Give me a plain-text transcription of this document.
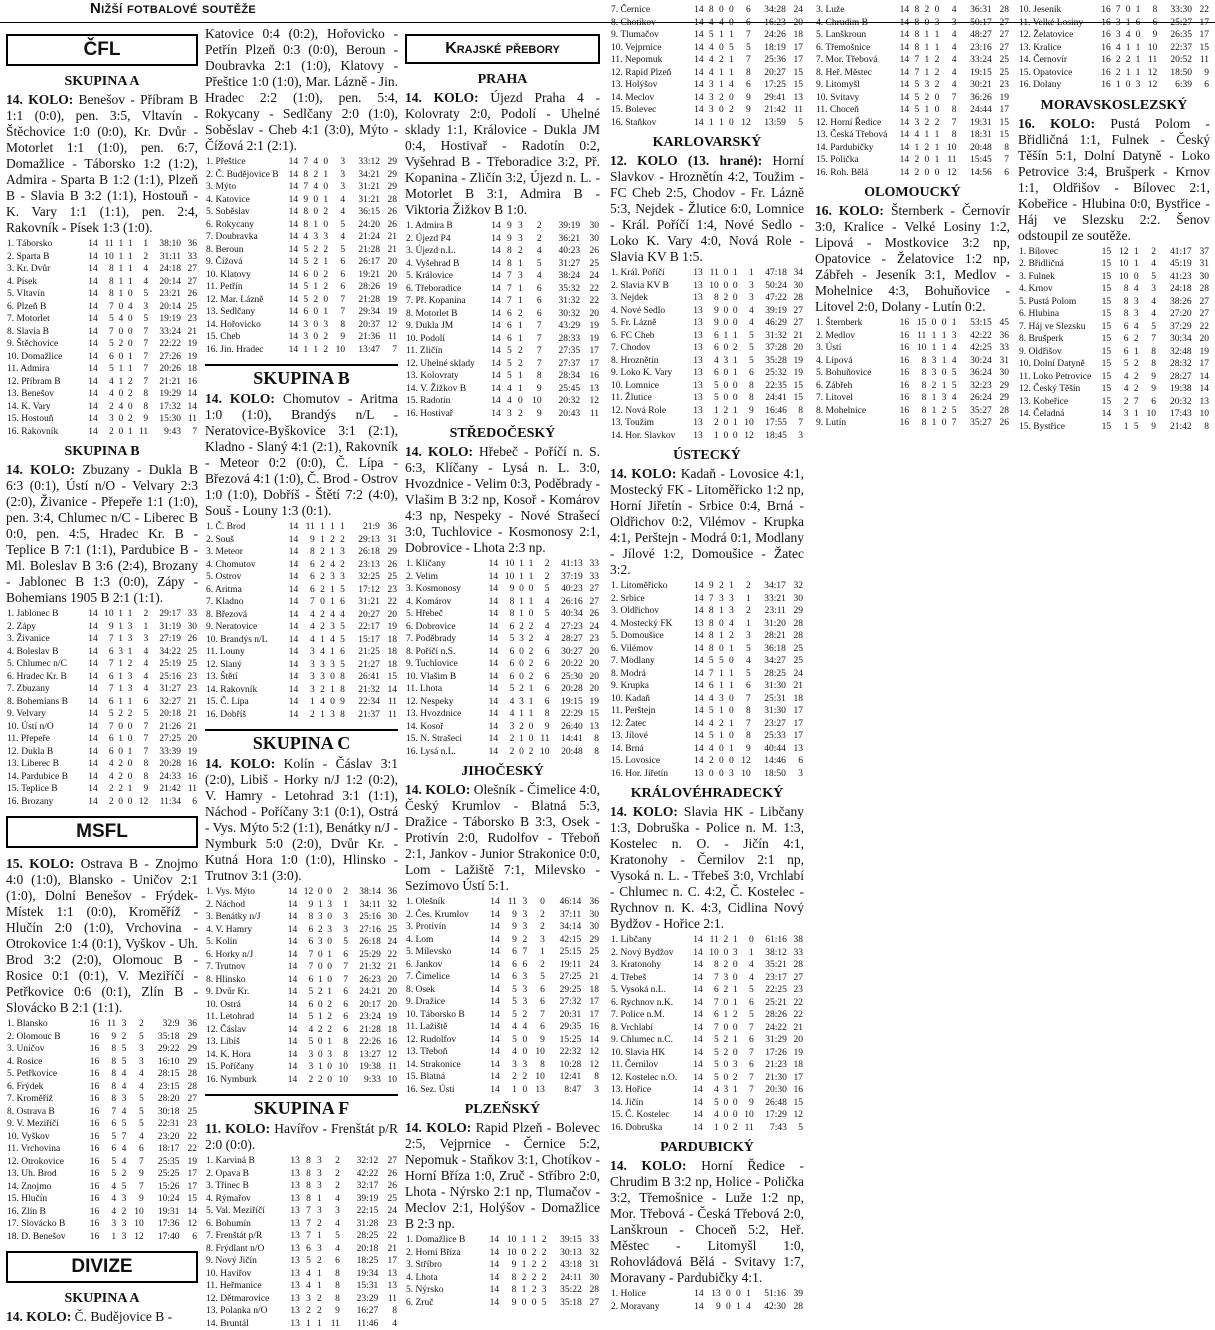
Nižší fotbalové soutěže
ČFL
SKUPINA A

14. KOLO: Benešov - Příbram B 1:1 (0:0), pen. 3:5, Vltavín - Štěchovice 1:0 (0:0), Kr. Dvůr - Motorlet 1:1 (1:0), pen. 6:7, Domažlice - Táborsko 1:2 (1:2), Admira - Sparta B 1:2 (1:1), Plzeň B - Slavia B 3:2 (1:1), Hostouň - K. Vary 1:1 (1:1), pen. 2:4, Rakovník - Písek 1:3 (1:0).

1. Táborsko	14	11	1	1	1	38:10	36
2. Sparta B	14	10	1	1	2	31:11	33
3. Kr. Dvůr	14	8	1	1	4	24:18	27
4. Písek	14	8	1	1	4	20:14	27
5. Vltavín	14	8	1	0	5	23:21	26
6. Plzeň B	14	7	0	4	3	20:14	25
7. Motorlet	14	5	4	0	5	19:19	23
8. Slavia B	14	7	0	0	7	33:24	21
9. Štěchovice	14	5	2	0	7	22:22	19
10. Domažlice	14	6	0	1	7	27:26	19
11. Admira	14	5	1	1	7	20:26	18
12. Příbram B	14	4	1	2	7	21:21	16
13. Benešov	14	4	0	2	8	19:29	14
14. K. Vary	14	2	4	0	8	17:32	14
15. Hostouň	14	3	0	2	9	15:30	11
16. Rakovník	14	2	0	1	11	9:43	7
SKUPINA B

14. KOLO: Zbuzany - Dukla B 6:3 (0:1), Ústí n/O - Velvary 2:3 (2:0), Živanice - Přepeře 1:1 (1:0), pen. 3:4, Chlumec n/C - Liberec B 0:0, pen. 4:5, Hradec Kr. B - Teplice B 7:1 (1:1), Pardubice B - Ml. Boleslav B 3:6 (2:4), Brozany - Jablonec B 1:3 (0:0), Zápy - Bohemians 1905 B 2:1 (1:1).

1. Jablonec B	14	10	1	1	2	29:17	33
2. Zápy	14	9	1	3	1	31:19	30
3. Živanice	14	7	1	3	3	27:19	26
4. Boleslav B	14	6	3	1	4	34:22	25
5. Chlumec n/C	14	7	1	2	4	25:19	25
6. Hradec Kr. B	14	6	1	3	4	25:16	23
7. Zbuzany	14	7	1	3	4	31:27	23
8. Bohemians B	14	6	1	1	6	32:27	21
9. Velvary	14	5	2	2	5	20:18	21
10. Ústí n/O	14	7	0	0	7	21:26	21
11. Přepeře	14	6	1	0	7	27:25	20
12. Dukla B	14	6	0	1	7	33:39	19
13. Liberec B	14	4	2	0	8	20:28	16
14. Pardubice B	14	4	2	0	8	24:33	16
15. Teplice B	14	2	2	1	9	21:42	11
16. Brozany	14	2	0	0	12	11:34	6
MSFL

15. KOLO: Ostrava B - Znojmo 4:0 (1:0), Blansko - Uničov 2:1 (1:0), Dolní Benešov - Frýdek-Místek 1:1 (0:0), Kroměříž - Hlučín 2:0 (1:0), Vrchovina - Otrokovice 1:4 (0:1), Vyškov - Uh. Brod 3:2 (2:0), Olomouc B - Rosice 0:1 (0:1), V. Meziříčí - Petřkovice 0:6 (0:1), Zlín B - Slovácko B 2:1 (1:1).

1. Blansko	16	11	3	2	32:9	36
2. Olomouc B	16	9	2	5	35:18	29
3. Uničov	16	8	5	3	29:22	29
4. Rosice	16	8	5	3	16:10	29
5. Petřkovice	16	8	4	4	28:15	28
6. Frýdek	16	8	4	4	23:15	28
7. Kroměříž	16	8	3	5	28:20	27
8. Ostrava B	16	7	4	5	30:18	25
9. V. Meziříčí	16	6	5	5	22:31	23
10. Vyškov	16	5	7	4	23:20	22
11. Vrchovina	16	6	4	6	18:17	22
12. Otrokovice	16	5	4	7	25:35	19
13. Uh. Brod	16	5	2	9	25:25	17
14. Znojmo	16	4	5	7	15:26	17
15. Hlučín	16	4	3	9	10:24	15
16. Zlín B	16	4	2	10	19:31	14
17. Slovácko B	16	3	3	10	17:36	12
18. D. Benešov	16	1	3	12	17:40	6
DIVIZE
SKUPINA A

14. KOLO: Č. Budějovice B -

Katovice 0:4 (0:2), Hořovicko - Petřín Plzeň 0:3 (0:0), Beroun - Doubravka 2:1 (1:0), Klatovy - Přeštice 1:0 (1:0), Mar. Lázně - Jin. Hradec 2:2 (1:0), pen. 5:4, Rokycany - Sedlčany 2:0 (1:0), Soběslav - Cheb 4:1 (3:0), Mýto - Čížová 2:1 (2:1).

1. Přeštice	14	7	4	0	3	33:12	29
2. Č. Budějovice B	14	8	2	1	3	34:21	29
3. Mýto	14	7	4	0	3	31:21	29
4. Katovice	14	9	0	1	4	31:21	28
5. Soběslav	14	8	0	2	4	36:15	26
6. Rokycany	14	8	1	0	5	24:20	26
7. Doubravka	14	4	3	3	4	21:24	21
8. Beroun	14	5	2	2	5	21:28	21
9. Čížová	14	5	2	1	6	26:17	20
10. Klatovy	14	6	0	2	6	19:21	20
11. Petřín	14	5	1	2	6	28:26	19
12. Mar. Lázně	14	5	2	0	7	21:28	19
13. Sedlčany	14	6	0	1	7	29:34	19
14. Hořovicko	14	3	0	3	8	20:37	12
15. Cheb	14	3	0	2	9	21:36	11
16. Jin. Hradec	14	1	1	2	10	13:47	7
SKUPINA B

14. KOLO: Chomutov - Aritma 1:0 (1:0), Brandýs n/L - Neratovice-Byškovice 3:1 (2:1), Kladno - Slaný 4:1 (2:1), Rakovník - Meteor 0:2 (0:0), Č. Lípa - Březová 4:1 (1:0), Č. Brod - Ostrov 1:0 (1:0), Dobříš - Štětí 7:2 (4:0), Souš - Louny 1:3 (0:1).

1. Č. Brod	14	11	1	1	1	21:9	36
2. Souš	14	9	1	2	2	29:13	31
3. Meteor	14	8	2	1	3	26:18	29
4. Chomutov	14	6	2	4	2	23:13	26
5. Ostrov	14	6	2	3	3	32:25	25
6. Aritma	14	6	2	1	5	17:12	23
7. Kladno	14	7	0	1	6	31:21	22
8. Březová	14	4	2	4	4	20:27	20
9. Neratovice	14	4	2	3	5	22:17	19
10. Brandýs n/L	14	4	1	4	5	15:17	18
11. Louny	14	3	4	1	6	21:25	18
12. Slaný	14	3	3	3	5	21:27	18
13. Štětí	14	3	3	0	8	26:41	15
14. Rakovník	14	3	2	1	8	21:32	14
15. Č. Lípa	14	1	4	0	9	22:34	11
16. Dobříš	14	2	1	3	8	21:37	11
SKUPINA C

14. KOLO: Kolín - Čáslav 3:1 (2:0), Libiš - Horky n/J 1:2 (0:2), V. Hamry - Letohrad 3:1 (1:1), Náchod - Poříčany 3:1 (0:1), Ostrá - Vys. Mýto 5:2 (1:1), Benátky n/J - Nymburk 5:0 (2:0), Dvůr Kr. - Kutná Hora 1:0 (1:0), Hlinsko - Trutnov 3:1 (3:0).

1. Vys. Mýto	14	12	0	0	2	38:14	36
2. Náchod	14	9	1	3	1	34:11	32
3. Benátky n/J	14	8	3	0	3	25:16	30
4. V. Hamry	14	6	2	3	3	27:16	25
5. Kolín	14	6	3	0	5	26:18	24
6. Horky n/J	14	7	0	1	6	25:29	22
7. Trutnov	14	7	0	0	7	21:32	21
8. Hlinsko	14	6	1	0	7	26:23	20
9. Dvůr Kr.	14	5	2	1	6	24:21	20
10. Ostrá	14	6	0	2	6	20:17	20
11. Letohrad	14	5	1	2	6	23:24	19
12. Čáslav	14	4	2	2	6	21:28	18
13. Libiš	14	5	0	1	8	22:26	16
14. K. Hora	14	3	0	3	8	13:27	12
15. Poříčany	14	3	1	0	10	19:38	11
16. Nymburk	14	2	2	0	10	9:33	10
SKUPINA F

11. KOLO: Havířov - Frenštát p/R 2:0 (0:0).

1. Karviná B	13	8	3	2	32:12	27
2. Opava B	13	8	3	2	42:22	26
3. Třinec B	13	8	3	2	32:17	26
4. Rýmařov	13	8	1	4	39:19	25
5. Val. Meziříčí	13	7	3	3	22:15	24
6. Bohumín	13	7	2	4	31:28	23
7. Frenštát p/R	13	7	1	5	28:25	22
8. Frýdlant n/O	13	6	3	4	20:18	21
9. Nový Jičín	13	5	2	6	18:25	17
10. Havířov	13	4	1	8	19:34	13
11. Heřmanice	13	4	1	8	15:31	13
12. Dětmarovice	13	3	2	8	23:29	11
13. Polanka n/O	13	2	2	9	16:27	8
14. Bruntál	13	1	1	11	11:46	4
Krajské přebory
PRAHA

14. KOLO: Újezd Praha 4 - Kolovraty 2:0, Podolí - Uhelné sklady 1:1, Královice - Dukla JM 0:4, Hostivař - Radotín 0:2, Vyšehrad B - Třeboradice 3:2, Př. Kopanina - Zličín 3:2, Újezd n. L. - Motorlet B 3:1, Admira B - Viktoria Žižkov B 1:0.

1. Admira B	14	9	3	2	39:19	30
2. Újezd P4	14	9	3	2	36:21	30
3. Újezd n.L.	14	8	2	4	40:23	26
4. Vyšehrad B	14	8	1	5	31:27	25
5. Královice	14	7	3	4	38:24	24
6. Třeboradice	14	7	1	6	35:32	22
7. Př. Kopanina	14	7	1	6	31:32	22
8. Motorlet B	14	6	2	6	30:32	20
9. Dukla JM	14	6	1	7	43:29	19
10. Podolí	14	6	1	7	28:33	19
11. Zličín	14	5	2	7	27:35	17
12. Uhelné sklady	14	5	2	7	27:37	17
13. Kolovraty	14	5	1	8	28:34	16
14. V. Žižkov B	14	4	1	9	25:45	13
15. Radotín	14	4	0	10	20:32	12
16. Hostivař	14	3	2	9	20:43	11
STŘEDOČESKÝ

14. KOLO: Hřebeč - Poříčí n. S. 6:3, Klíčany - Lysá n. L. 3:0, Hvozdnice - Velim 0:3, Poděbrady - Vlašim B 3:2 np, Kosoř - Komárov 4:3 np, Nespeky - Nové Strašecí 3:0, Tuchlovice - Kosmonosy 2:1, Dobrovice - Lhota 2:3 np.

1. Klíčany	14	10	1	1	2	41:13	33
2. Velim	14	10	1	1	2	37:19	33
3. Kosmonosy	14	9	0	0	5	40:23	27
4. Komárov	14	8	1	1	4	26:16	27
5. Hřebeč	14	8	1	0	5	40:34	26
6. Dobrovice	14	6	2	2	4	27:23	24
7. Poděbrady	14	5	3	2	4	28:27	23
8. Poříčí n.S.	14	6	0	2	6	30:27	20
9. Tuchlovice	14	6	0	2	6	20:22	20
10. Vlašim B	14	6	0	2	6	25:30	20
11. Lhota	14	5	2	1	6	20:28	20
12. Nespeky	14	4	3	1	6	19:15	19
13. Hvozdnice	14	4	1	1	8	22:29	15
14. Kosoř	14	3	2	0	9	26:40	13
15. N. Strašecí	14	2	1	0	11	14:41	8
16. Lysá n.L.	14	2	0	2	10	20:48	8
JIHOČESKÝ

14. KOLO: Olešník - Čimelice 4:0, Český Krumlov - Blatná 5:3, Dražice - Táborsko B 3:3, Osek - Protivín 2:0, Rudolfov - Třeboň 2:1, Jankov - Junior Strakonice 0:0, Lom - Lažiště 7:1, Milevsko - Sezimovo Ústí 5:1.

1. Olešník	14	11	3	0	46:14	36
2. Čes. Krumlov	14	9	3	2	37:11	30
3. Protivín	14	9	3	2	34:14	30
4. Lom	14	9	2	3	42:15	29
5. Milevsko	14	6	7	1	25:15	25
6. Jankov	14	6	6	2	19:11	24
7. Čimelice	14	6	3	5	27:25	21
8. Osek	14	5	3	6	29:25	18
9. Dražice	14	5	3	6	27:32	17
10. Táborsko B	14	5	2	7	20:31	17
11. Lažiště	14	4	4	6	29:35	16
12. Rudolfov	14	5	0	9	15:25	14
13. Třeboň	14	4	0	10	22:32	12
14. Strakonice	14	3	3	8	10:28	12
15. Blatná	14	2	2	10	12:41	8
16. Sez. Ústí	14	1	0	13	8:47	3
PLZEŇSKÝ

14. KOLO: Rapid Plzeň - Bolevec 2:5, Vejprnice - Černice 5:2, Nepomuk - Staňkov 3:1, Chotíkov - Horní Bříza 1:0, Zruč - Stříbro 2:0, Lhota - Nýrsko 2:1 np, Tlumačov - Meclov 2:1, Holýšov - Domažlice B 2:3 np.

1. Domažlice B	14	10	1	1	2	39:15	33
2. Horní Bříza	14	10	0	2	2	30:13	32
3. Stříbro	14	9	1	2	2	43:18	31
4. Lhota	14	8	2	2	2	24:11	30
5. Nýrsko	14	8	1	2	3	35:22	28
6. Zruč	14	9	0	0	5	35:18	27
7. Černice	14	8	0	0	6	34:28	24
8. Chotíkov	14	4	4	0	6	16:23	20
9. Tlumačov	14	5	1	1	7	24:26	18
10. Vejprnice	14	4	0	5	5	18:19	17
11. Nepomuk	14	4	2	1	7	25:36	17
12. Rapid Plzeň	14	4	1	1	8	20:27	15
13. Holýšov	14	3	1	4	6	17:25	15
14. Meclov	14	3	2	0	9	29:41	13
15. Bolevec	14	3	0	2	9	21:42	11
16. Staňkov	14	1	1	0	12	13:59	5
KARLOVARSKÝ

12. KOLO (13. hrané): Horní Slavkov - Hroznětín 4:2, Toužim - FC Cheb 2:5, Chodov - Fr. Lázně 5:3, Nejdek - Žlutice 6:0, Lomnice - Král. Poříčí 1:4, Nové Sedlo - Loko K. Vary 4:0, Nová Role - Slavia KV B 1:5.

1. Král. Poříčí	13	11	0	1	1	47:18	34
2. Slavia KV B	13	10	0	0	3	50:24	30
3. Nejdek	13	8	2	0	3	47:22	28
4. Nové Sedlo	13	9	0	0	4	39:19	27
5. Fr. Lázně	13	9	0	0	4	46:29	27
6. FC Cheb	13	6	1	1	5	31:32	21
7. Chodov	13	6	0	2	5	37:28	20
8. Hroznětín	13	4	3	1	5	35:28	19
9. Loko K. Vary	13	6	0	1	6	25:32	19
10. Lomnice	13	5	0	0	8	22:35	15
11. Žlutice	13	5	0	0	8	24:41	15
12. Nová Role	13	1	2	1	9	16:46	8
13. Toužim	13	2	0	1	10	17:55	7
14. Hor. Slavkov	13	1	0	0	12	18:45	3
ÚSTECKÝ

14. KOLO: Kadaň - Lovosice 4:1, Mostecký FK - Litoměřicko 1:2 np, Horní Jiřetín - Srbice 0:4, Brná - Oldřichov 0:2, Vilémov - Krupka 4:1, Perštejn - Modrá 0:1, Modlany - Jílové 1:2, Domoušice - Žatec 3:2.

1. Litoměřicko	14	9	2	1	2	34:17	32
2. Srbice	14	7	3	3	1	33:21	30
3. Oldřichov	14	8	1	3	2	23:11	29
4. Mostecký FK	13	8	0	4	1	31:20	28
5. Domoušice	14	8	1	2	3	28:21	28
6. Vilémov	14	8	0	1	5	36:18	25
7. Modlany	14	5	5	0	4	34:27	25
8. Modrá	14	7	1	1	5	28:25	24
9. Krupka	14	6	1	1	6	31:30	21
10. Kadaň	14	4	3	0	7	25:31	18
11. Perštejn	14	5	1	0	8	31:30	17
12. Žatec	14	4	2	1	7	23:27	17
13. Jílové	14	5	1	0	8	25:33	17
14. Brná	14	4	0	1	9	40:44	13
15. Lovosice	14	2	0	0	12	14:46	6
16. Hor. Jiřetín	13	0	0	3	10	18:50	3
KRÁLOVÉHRADECKÝ

14. KOLO: Slavia HK - Libčany 1:3, Dobruška - Police n. M. 1:3, Kostelec n. O. - Jičín 4:1, Kratonohy - Černilov 2:1 np, Vysoká n. L. - Třebeš 3:0, Vrchlabí - Chlumec n. C. 4:2, Č. Kostelec - Rychnov n. K. 4:3, Cidlina Nový Bydžov - Hořice 2:1.

1. Libčany	14	11	2	1	0	61:16	38
2. Nový Bydžov	14	10	0	3	1	38:12	33
3. Kratonohy	14	8	2	0	4	35:21	28
4. Třebeš	14	7	3	0	4	23:17	27
5. Vysoká n.L.	14	6	2	1	5	22:25	23
6. Rychnov n.K.	14	7	0	1	6	25:21	22
7. Police n.M.	14	6	1	2	5	28:26	22
8. Vrchlabí	14	7	0	0	7	24:22	21
9. Chlumec n.C.	14	5	2	1	6	31:29	20
10. Slavia HK	14	5	2	0	7	17:26	19
11. Černilov	14	5	0	3	6	21:23	18
12. Kostelec n.O.	14	5	0	2	7	21:30	17
13. Hořice	14	4	3	1	7	20:30	16
14. Jičín	14	5	0	0	9	26:48	15
15. Č. Kostelec	14	4	0	0	10	17:29	12
16. Dobruška	14	1	0	2	11	7:43	5
PARDUBICKÝ

14. KOLO: Horní Ředice - Chrudim B 3:2 np, Holice - Polička 3:2, Třemošnice - Luže 1:2 np, Mor. Třebová - Česká Třebová 2:0, Lanškroun - Choceň 5:2, Heř. Městec - Litomyšl 1:0, Rohovládová Bělá - Svitavy 1:7, Moravany - Pardubičky 4:1.

1. Holice	14	13	0	0	1	51:16	39
2. Moravany	14	9	0	1	4	42:30	28
3. Luže	14	8	2	0	4	36:31	28
4. Chrudim B	14	8	0	3	3	50:17	27
5. Lanškroun	14	8	1	1	4	48:27	27
6. Třemošnice	14	8	1	1	4	23:16	27
7. Mor. Třebová	14	7	1	2	4	33:24	25
8. Heř. Městec	14	7	1	2	4	19:15	25
9. Litomyšl	14	5	3	2	4	30:21	23
10. Svitavy	14	5	2	0	7	36:26	19
11. Choceň	14	5	1	0	8	24:44	17
12. Horní Ředice	14	3	2	2	7	19:31	15
13. Česká Třebová	14	4	1	1	8	18:31	15
14. Pardubičky	14	1	2	1	10	20:48	8
15. Polička	14	2	0	1	11	15:45	7
16. Roh. Bělá	14	2	0	0	12	14:56	6
OLOMOUCKÝ

16. KOLO: Šternberk - Černovír 3:0, Kralice - Velké Losiny 1:2, Lipová - Mostkovice 3:2 np, Opatovice - Želatovice 1:2 np, Zábřeh - Jeseník 3:1, Medlov - Mohelnice 4:3, Bohuňovice - Litovel 2:0, Dolany - Lutín 0:2.

1. Šternberk	16	15	0	0	1	53:15	45
2. Medlov	16	11	1	1	3	42:22	36
3. Ústí	16	10	1	1	4	42:25	33
4. Lipová	16	8	3	1	4	30:24	31
5. Bohuňovice	16	8	3	0	5	36:24	30
6. Zábřeh	16	8	2	1	5	32:23	29
7. Litovel	16	8	1	3	4	26:24	29
8. Mohelnice	16	8	1	2	5	35:27	28
9. Lutín	16	8	1	0	7	35:27	26
10. Jeseník	16	7	0	1	8	33:30	22
11. Velké Losiny	16	3	1	6	6	25:27	17
12. Želatovice	16	3	4	0	9	26:35	17
13. Kralice	16	4	1	1	10	22:37	15
14. Černovír	16	2	2	1	11	20:52	11
15. Opatovice	16	2	1	1	12	18:50	9
16. Dolany	16	1	0	3	12	6:39	6
MORAVSKOSLEZSKÝ

16. KOLO: Pustá Polom - Břidličná 1:1, Fulnek - Český Těšín 5:1, Dolní Datyně - Loko Petrovice 3:4, Brušperk - Krnov 1:1, Oldřišov - Bílovec 2:1, Kobeřice - Hlubina 0:0, Bystřice - Háj ve Slezsku 2:2. Šenov odstoupil ze soutěže.

1. Bílovec	15	12	1	2	41:17	37
2. Břidličná	15	10	1	4	45:19	31
3. Fulnek	15	10	0	5	41:23	30
4. Krnov	15	8	4	3	24:18	28
5. Pustá Polom	15	8	3	4	38:26	27
6. Hlubina	15	8	3	4	27:20	27
7. Háj ve Slezsku	15	6	4	5	37:29	22
8. Brušperk	15	6	2	7	30:34	20
9. Oldřišov	15	6	1	8	32:48	19
10. Dolní Datyně	15	5	2	8	28:32	17
11. Loko Petrovice	15	4	2	9	28:27	14
12. Český Těšín	15	4	2	9	19:38	14
13. Kobeřice	15	2	7	6	20:32	13
14. Čeladná	14	3	1	10	17:43	10
15. Bystřice	15	1	5	9	21:42	8
